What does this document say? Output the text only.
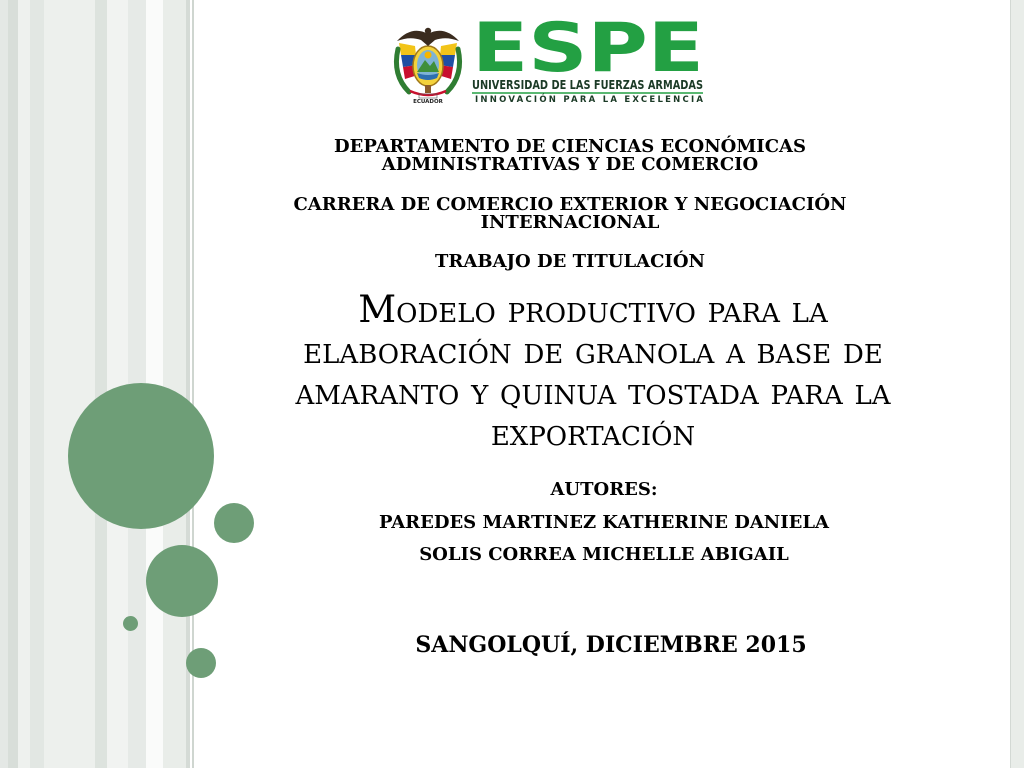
ECUADOR
ESPE
UNIVERSIDAD DE LAS FUERZAS ARMADAS
INNOVACIÓN PARA LA EXCELENCIA
DEPARTAMENTO DE CIENCIAS ECONÓMICAS
ADMINISTRATIVAS Y DE COMERCIO
CARRERA DE COMERCIO EXTERIOR Y NEGOCIACIÓN
INTERNACIONAL
TRABAJO DE TITULACIÓN
Modelo productivo para la
elaboración de granola a base de
amaranto y quinua tostada para la
exportación
AUTORES:
PAREDES MARTINEZ KATHERINE DANIELA
SOLIS CORREA MICHELLE ABIGAIL
SANGOLQUÍ, DICIEMBRE 2015
